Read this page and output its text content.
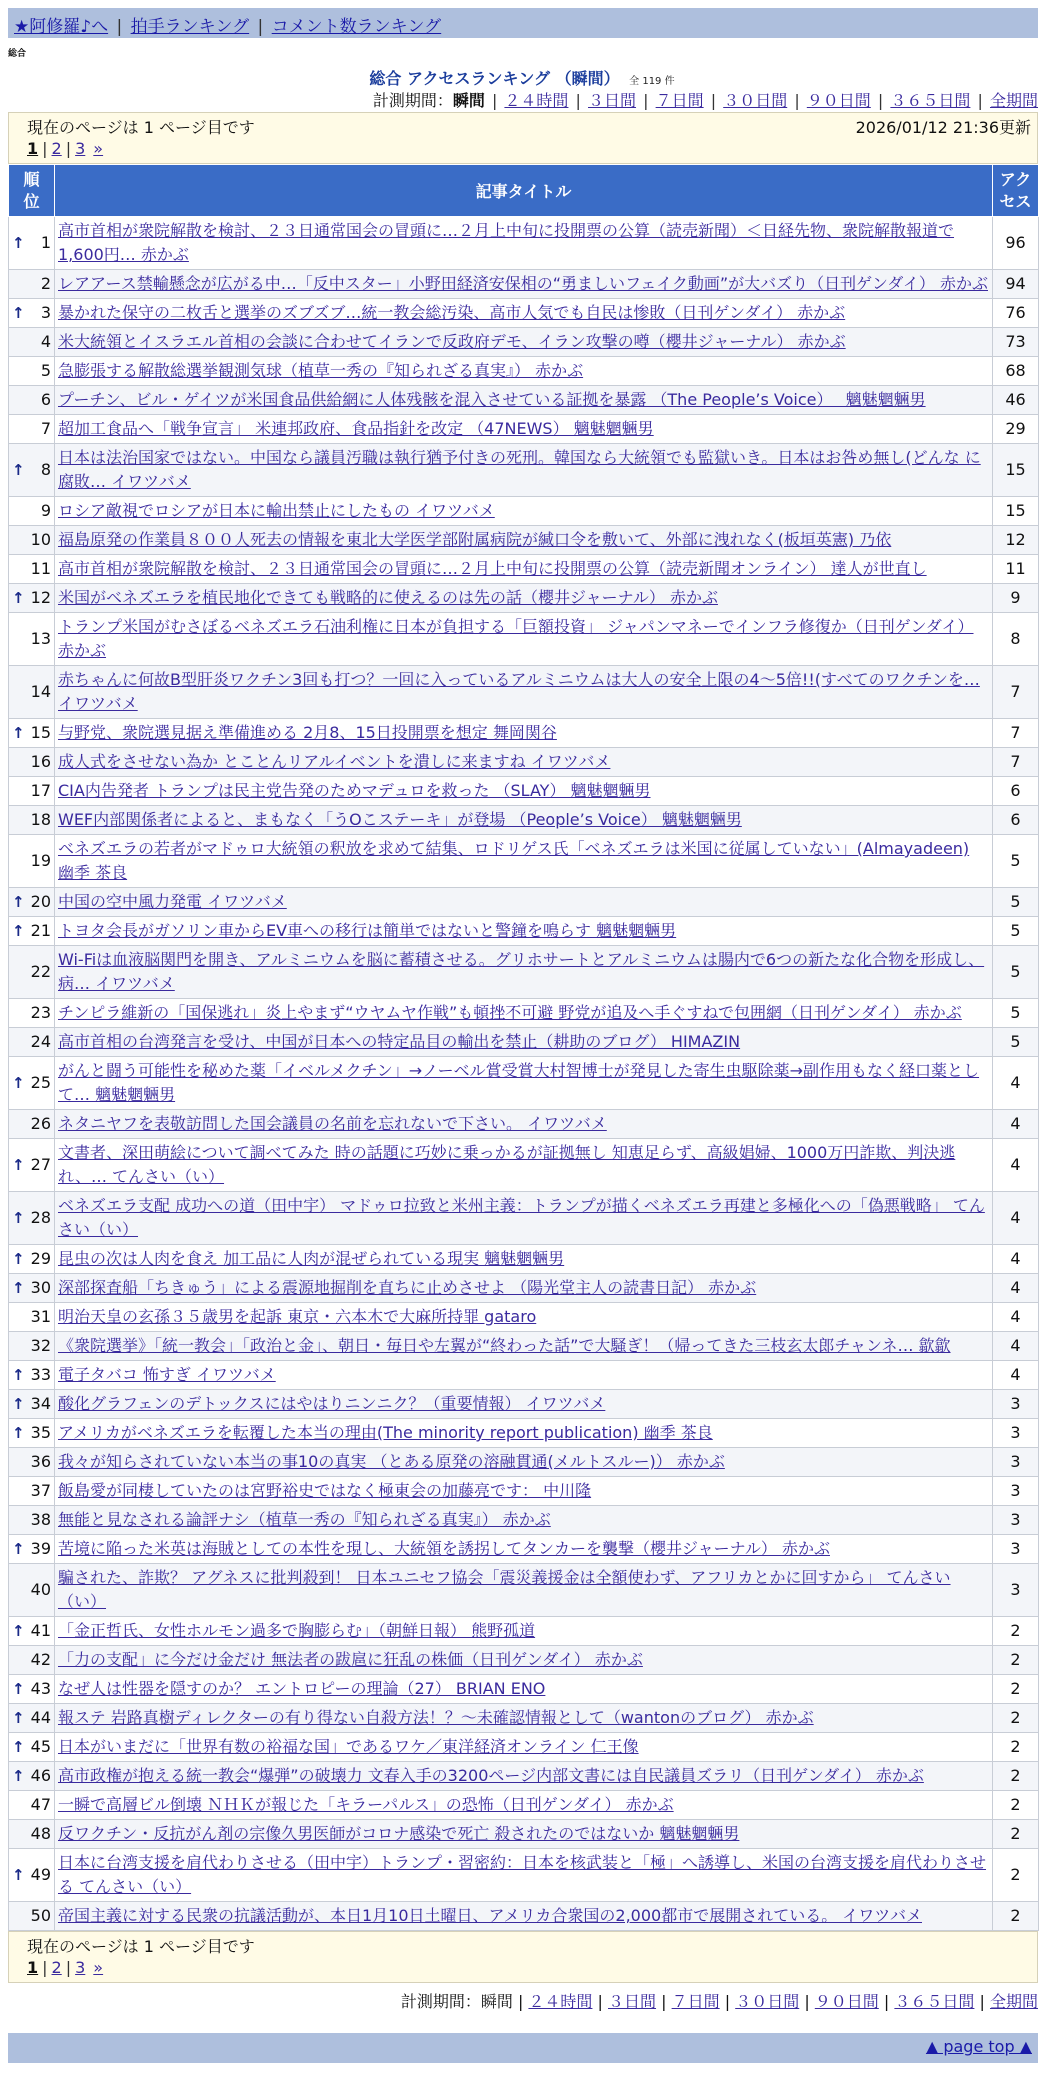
★阿修羅♪へ | 拍手ランキング | コメント数ランキング
総合
総合 アクセスランキング （瞬間） 全 119 件
計測期間：瞬間 | ２４時間 | ３日間 | ７日間 | ３０日間 | ９０日間 | ３６５日間 | 全期間
現在のページは 1 ページ目です	2026/01/12 21:36更新
1 | 2 | 3 »
順位	記事タイトル	アクセス

↑ 1	高市首相が衆院解散を検討、２３日通常国会の冒頭に…２月上中旬に投開票の公算（読売新聞）＜日経先物、衆院解散報道で1,600円… 赤かぶ	96
2	レアアース禁輸懸念が広がる中…「反中スター」小野田経済安保相の“勇ましいフェイク動画”が大バズり（日刊ゲンダイ） 赤かぶ	94

↑ 3	暴かれた保守の二枚舌と選挙のズブズブ…統一教会総汚染、高市人気でも自民は惨敗（日刊ゲンダイ） 赤かぶ	76
4	米大統領とイスラエル首相の会談に合わせてイランで反政府デモ、イラン攻撃の噂（櫻井ジャーナル） 赤かぶ	73
5	急膨張する解散総選挙観測気球（植草一秀の『知られざる真実』） 赤かぶ	68
6	プーチン、ビル・ゲイツが米国食品供給網に人体残骸を混入させている証拠を暴露 （The People’s Voice）　 魑魅魍魎男	46
7	超加工食品へ「戦争宣言」 米連邦政府、食品指針を改定 （47NEWS） 魑魅魍魎男	29

↑ 8	日本は法治国家ではない。中国なら議員汚職は執行猶予付きの死刑。韓国なら大統領でも監獄いき。日本はお咎め無し(どんな に腐敗… イワツバメ	15
9	ロシア敵視でロシアが日本に輸出禁止にしたもの イワツバメ	15
10	福島原発の作業員８００人死去の情報を東北大学医学部附属病院が緘口令を敷いて、外部に洩れなく(板垣英憲) 乃依	12
11	高市首相が衆院解散を検討、２３日通常国会の冒頭に…２月上中旬に投開票の公算（読売新聞オンライン） 達人が世直し	11

↑ 12	米国がベネズエラを植民地化できても戦略的に使えるのは先の話（櫻井ジャーナル） 赤かぶ	9
13	トランプ米国がむさぼるベネズエラ石油利権に日本が負担する「巨額投資」 ジャパンマネーでインフラ修復か（日刊ゲンダイ） 赤かぶ	8
14	赤ちゃんに何故B型肝炎ワクチン3回も打つ？一回に入っているアルミニウムは大人の安全上限の4～5倍!!(すべてのワクチンを… イワツバメ	7

↑ 15	与野党、衆院選見据え準備進める 2月8、15日投開票を想定 舞岡関谷	7
16	成人式をさせない為か とことんリアルイベントを潰しに来ますね イワツバメ	7
17	CIA内告発者 トランプは民主党告発のためマデュロを救った （SLAY） 魑魅魍魎男	6
18	WEF内部関係者によると、まもなく「うOこステーキ」が登場 （People’s Voice） 魑魅魍魎男	6
19	ベネズエラの若者がマドゥロ大統領の釈放を求めて結集、ロドリゲス氏「ベネズエラは米国に従属していない」(Almayadeen) 幽季 茶良	5

↑ 20	中国の空中風力発電 イワツバメ	5

↑ 21	トヨタ会長がガソリン車からEV車への移行は簡単ではないと警鐘を鳴らす 魑魅魍魎男	5
22	Wi-Fiは血液脳関門を開き、アルミニウムを脳に蓄積させる。グリホサートとアルミニウムは腸内で6つの新たな化合物を形成し、病… イワツバメ	5
23	チンピラ維新の「国保逃れ」炎上やまず“ウヤムヤ作戦”も頓挫不可避 野党が追及へ手ぐすねで包囲網（日刊ゲンダイ） 赤かぶ	5
24	高市首相の台湾発言を受け、中国が日本への特定品目の輸出を禁止（耕助のブログ） HIMAZIN	5

↑ 25	がんと闘う可能性を秘めた薬「イベルメクチン」→ノーベル賞受賞大村智博士が発見した寄生虫駆除薬→副作用もなく経口薬として… 魑魅魍魎男	4
26	ネタニヤフを表敬訪問した国会議員の名前を忘れないで下さい。 イワツバメ	4

↑ 27	文書者、深田萌絵について調べてみた 時の話題に巧妙に乗っかるが証拠無し 知恵足らず、高級娼婦、1000万円詐欺、判決逃れ、… てんさい（い）	4

↑ 28	ベネズエラ支配 成功への道（田中宇） マドゥロ拉致と米州主義：トランプが描くベネズエラ再建と多極化への「偽悪戦略」 てんさい（い）	4

↑ 29	昆虫の次は人肉を食え 加工品に人肉が混ぜられている現実 魑魅魍魎男	4

↑ 30	深部探査船「ちきゅう」による震源地掘削を直ちに止めさせよ （陽光堂主人の読書日記） 赤かぶ	4
31	明治天皇の玄孫３５歳男を起訴 東京・六本木で大麻所持罪 gataro	4
32	《衆院選挙》「統一教会」「政治と金」、朝日・毎日や左翼が“終わった話”で大騒ぎ！（帰ってきた三枝玄太郎チャンネ… 歙歙	4

↑ 33	電子タバコ 怖すぎ イワツバメ	4

↑ 34	酸化グラフェンのデトックスにはやはりニンニク？（重要情報） イワツバメ	3

↑ 35	アメリカがベネズエラを転覆した本当の理由(The minority report publication) 幽季 茶良	3
36	我々が知らされていない本当の事10の真実 （とある原発の溶融貫通(メルトスルー)） 赤かぶ	3
37	飯島愛が同棲していたのは宮野裕史ではなく極東会の加藤亮です： 中川隆	3
38	無能と見なされる論評ナシ（植草一秀の『知られざる真実』） 赤かぶ	3

↑ 39	苦境に陥った米英は海賊としての本性を現し、大統領を誘拐してタンカーを襲撃（櫻井ジャーナル） 赤かぶ	3
40	騙された、詐欺？ アグネスに批判殺到！ 日本ユニセフ協会「震災義援金は全額使わず、アフリカとかに回すから」 てんさい（い）	3

↑ 41	「金正哲氏、女性ホルモン過多で胸膨らむ」（朝鮮日報） 熊野孤道	2
42	「力の支配」に今だけ金だけ 無法者の跋扈に狂乱の株価（日刊ゲンダイ） 赤かぶ	2

↑ 43	なぜ人は性器を隠すのか？ エントロピーの理論（27） BRIAN ENO	2

↑ 44	報ステ 岩路真樹ディレクターの有り得ない自殺方法！？～未確認情報として（wantonのブログ） 赤かぶ	2

↑ 45	日本がいまだに「世界有数の裕福な国」であるワケ／東洋経済オンライン 仁王像	2

↑ 46	高市政権が抱える統一教会“爆弾”の破壊力 文春入手の3200ページ内部文書には自民議員ズラリ（日刊ゲンダイ） 赤かぶ	2
47	一瞬で高層ビル倒壊 ＮＨＫが報じた「キラーパルス」の恐怖（日刊ゲンダイ） 赤かぶ	2
48	反ワクチン・反抗がん剤の宗像久男医師がコロナ感染で死亡 殺されたのではないか 魑魅魍魎男	2

↑ 49	日本に台湾支援を肩代わりさせる（田中宇）トランプ・習密約：日本を核武装と「極」へ誘導し、米国の台湾支援を肩代わりさせる てんさい（い）	2
50	帝国主義に対する民衆の抗議活動が、本日1月10日土曜日、アメリカ合衆国の2,000都市で展開されている。 イワツバメ	2
現在のページは 1 ページ目です
1 | 2 | 3 »
計測期間：瞬間 | ２４時間 | ３日間 | ７日間 | ３０日間 | ９０日間 | ３６５日間 | 全期間
▲ page top ▲
